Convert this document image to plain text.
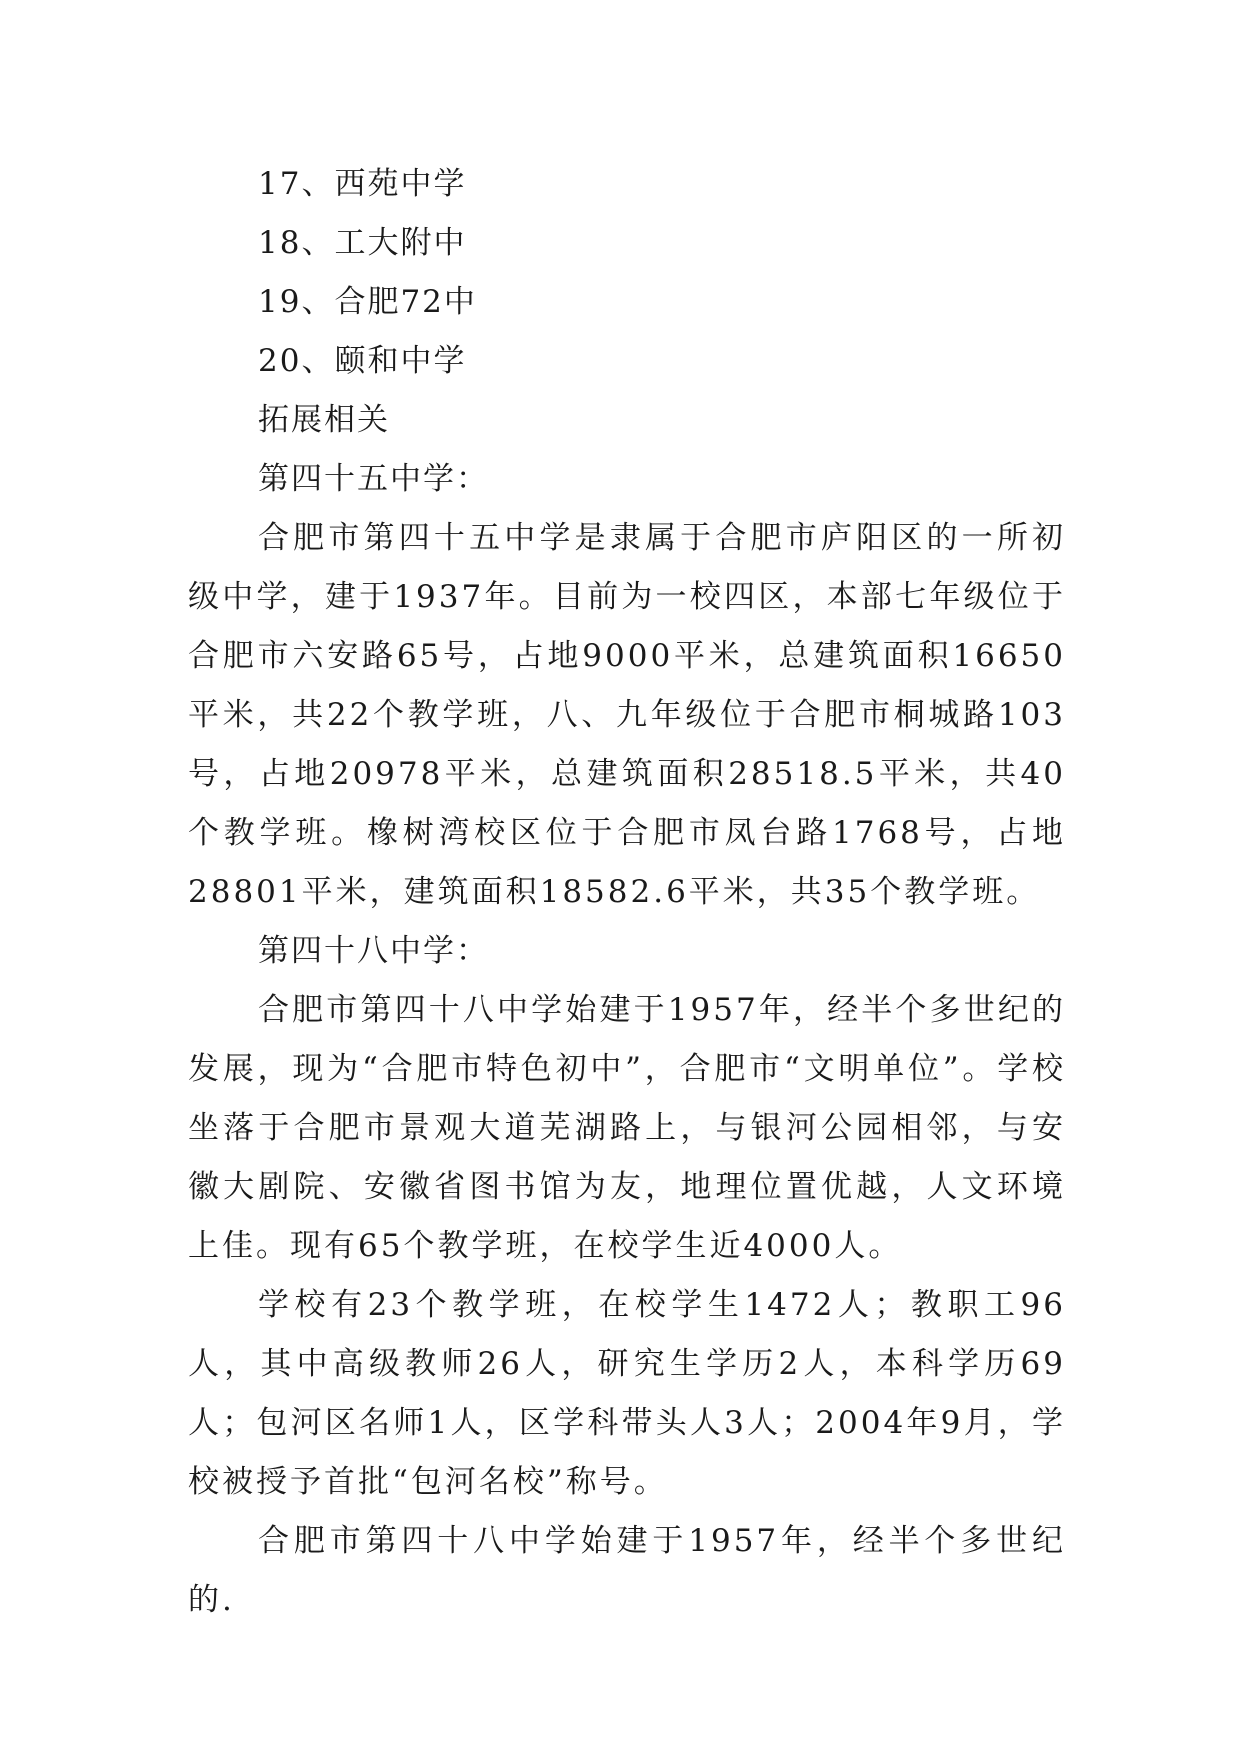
17、西苑中学

18、工大附中

19、合肥72中

20、颐和中学

拓展相关

第四十五中学：

合肥市第四十五中学是隶属于合肥市庐阳区的一所初级中学，建于1937年。目前为一校四区，本部七年级位于合肥市六安路65号，占地9000平米，总建筑面积16650平米，共22个教学班，八、九年级位于合肥市桐城路103号，占地20978平米，总建筑面积28518.5平米，共40个教学班。橡树湾校区位于合肥市凤台路1768号，占地28801平米，建筑面积18582.6平米，共35个教学班。

第四十八中学：

合肥市第四十八中学始建于1957年，经半个多世纪的发展，现为“合肥市特色初中”，合肥市“文明单位”。学校坐落于合肥市景观大道芜湖路上，与银河公园相邻，与安徽大剧院、安徽省图书馆为友，地理位置优越，人文环境上佳。现有65个教学班，在校学生近4000人。

学校有23个教学班，在校学生1472人；教职工96人，其中高级教师26人，研究生学历2人，本科学历69人；包河区名师1人，区学科带头人3人；2004年9月，学校被授予首批“包河名校”称号。

合肥市第四十八中学始建于1957年，经半个多世纪的.
